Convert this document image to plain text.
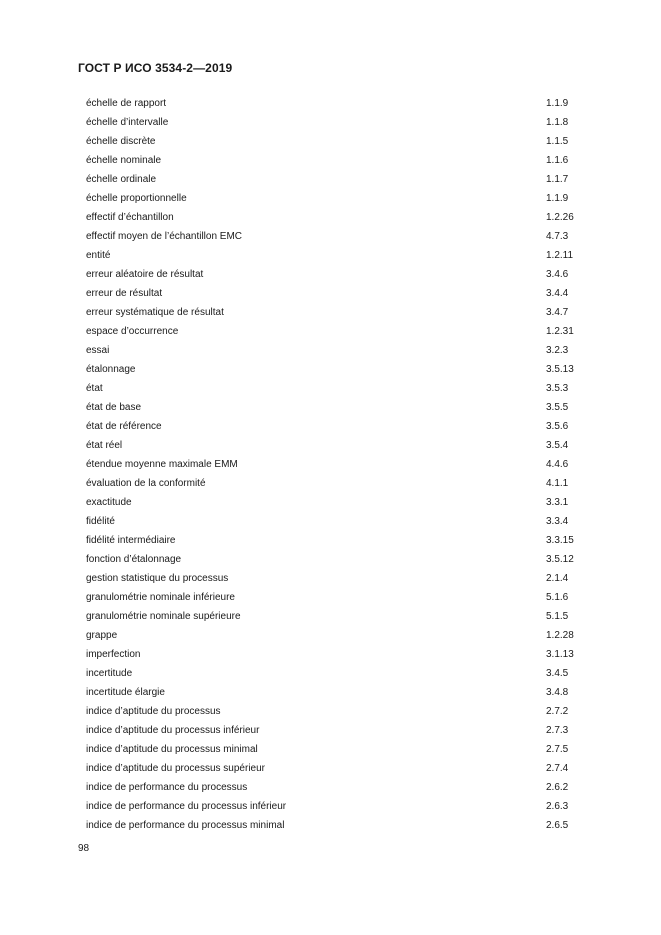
ГОСТ Р ИСО 3534-2—2019
échelle de rapport	1.1.9
échelle d’intervalle	1.1.8
échelle discrète	1.1.5
échelle nominale	1.1.6
échelle ordinale	1.1.7
échelle proportionnelle	1.1.9
effectif d’échantillon	1.2.26
effectif moyen de l’échantillon EMC	4.7.3
entité	1.2.11
erreur aléatoire de résultat	3.4.6
erreur de résultat	3.4.4
erreur systématique de résultat	3.4.7
espace d’occurrence	1.2.31
essai	3.2.3
étalonnage	3.5.13
état	3.5.3
état de base	3.5.5
état de référence	3.5.6
état réel	3.5.4
étendue moyenne maximale EMM	4.4.6
évaluation de la conformité	4.1.1
exactitude	3.3.1
fidélité	3.3.4
fidélité intermédiaire	3.3.15
fonction d’étalonnage	3.5.12
gestion statistique du processus	2.1.4
granulométrie nominale inférieure	5.1.6
granulométrie nominale supérieure	5.1.5
grappe	1.2.28
imperfection	3.1.13
incertitude	3.4.5
incertitude élargie	3.4.8
indice d’aptitude du processus	2.7.2
indice d’aptitude du processus inférieur	2.7.3
indice d’aptitude du processus minimal	2.7.5
indice d’aptitude du processus supérieur	2.7.4
indice de performance du processus	2.6.2
indice de performance du processus inférieur	2.6.3
indice de performance du processus minimal	2.6.5
98
